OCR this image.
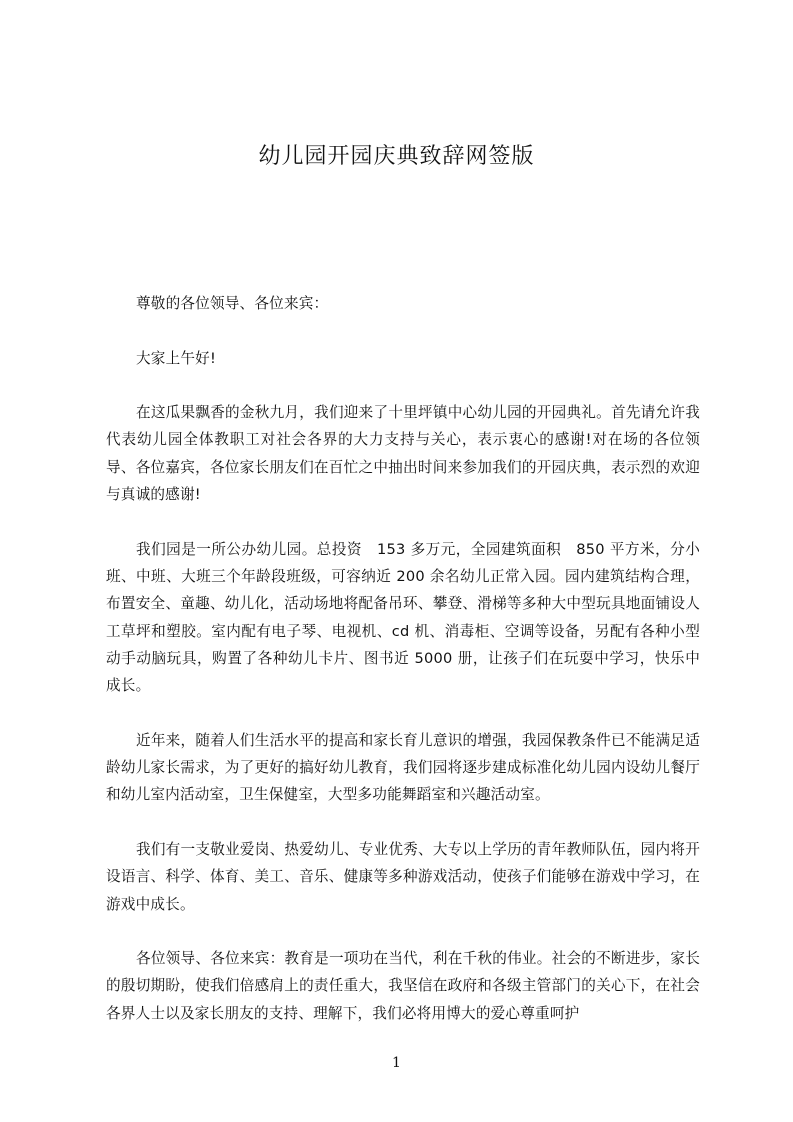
幼儿园开园庆典致辞网签版

尊敬的各位领导、各位来宾：

大家上午好!

在这瓜果飘香的金秋九月，我们迎来了十里坪镇中心幼儿园的开园典礼。首先请允许我代表幼儿园全体教职工对社会各界的大力支持与关心，表示衷心的感谢!对在场的各位领导、各位嘉宾，各位家长朋友们在百忙之中抽出时间来参加我们的开园庆典，表示烈的欢迎与真诚的感谢!

我们园是一所公办幼儿园。总投资　153 多万元，全园建筑面积　850 平方米，分小班、中班、大班三个年龄段班级，可容纳近 200 余名幼儿正常入园。园内建筑结构合理，布置安全、童趣、幼儿化，活动场地将配备吊环、攀登、滑梯等多种大中型玩具地面铺设人工草坪和塑胶。室内配有电子琴、电视机、cd 机、消毒柜、空调等设备，另配有各种小型动手动脑玩具，购置了各种幼儿卡片、图书近 5000 册，让孩子们在玩耍中学习，快乐中成长。

近年来，随着人们生活水平的提高和家长育儿意识的增强，我园保教条件已不能满足适龄幼儿家长需求，为了更好的搞好幼儿教育，我们园将逐步建成标准化幼儿园内设幼儿餐厅和幼儿室内活动室，卫生保健室，大型多功能舞蹈室和兴趣活动室。

我们有一支敬业爱岗、热爱幼儿、专业优秀、大专以上学历的青年教师队伍，园内将开设语言、科学、体育、美工、音乐、健康等多种游戏活动，使孩子们能够在游戏中学习，在游戏中成长。

各位领导、各位来宾：教育是一项功在当代，利在千秋的伟业。社会的不断进步，家长的殷切期盼，使我们倍感肩上的责任重大，我坚信在政府和各级主管部门的关心下，在社会各界人士以及家长朋友的支持、理解下，我们必将用博大的爱心尊重呵护

1
